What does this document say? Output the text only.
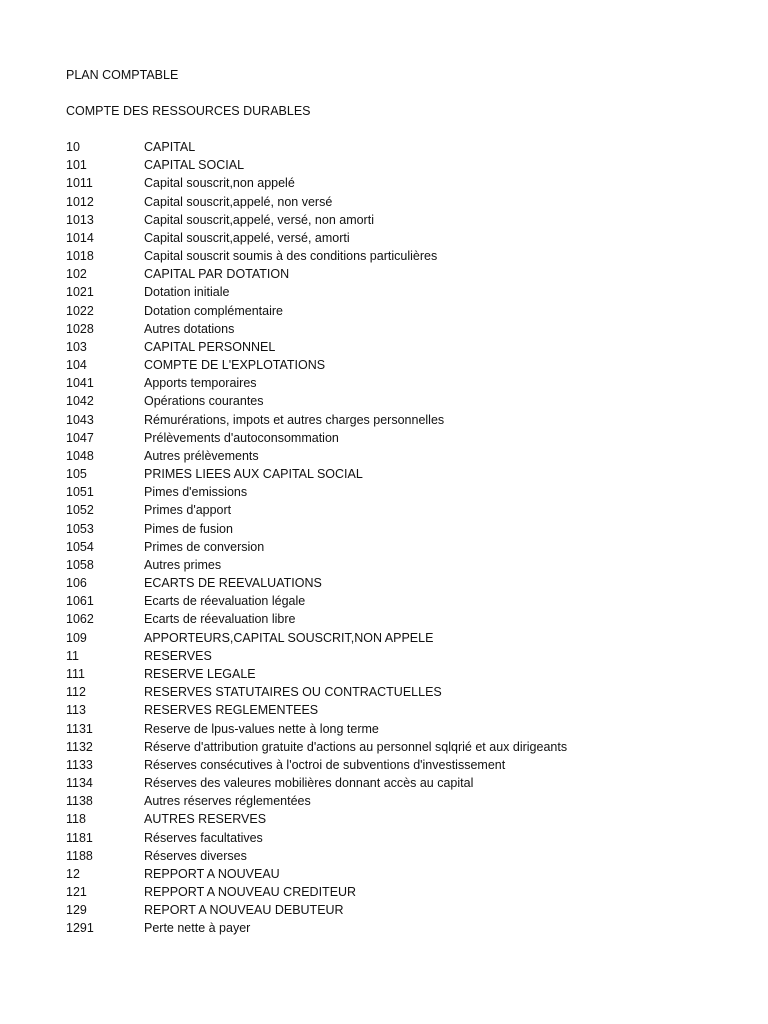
PLAN COMPTABLE
COMPTE DES RESSOURCES DURABLES
10	CAPITAL
101	CAPITAL SOCIAL
1011	Capital souscrit,non appelé
1012	Capital souscrit,appelé, non versé
1013	Capital souscrit,appelé, versé, non amorti
1014	Capital souscrit,appelé, versé, amorti
1018	Capital souscrit soumis à des conditions particulières
102	CAPITAL PAR DOTATION
1021	Dotation initiale
1022	Dotation complémentaire
1028	Autres dotations
103	CAPITAL PERSONNEL
104	COMPTE DE L'EXPLOTATIONS
1041	Apports temporaires
1042	Opérations courantes
1043	Rémurérations, impots et autres charges personnelles
1047	Prélèvements d'autoconsommation
1048	Autres prélèvements
105	PRIMES LIEES AUX CAPITAL SOCIAL
1051	Pimes d'emissions
1052	Primes d'apport
1053	Pimes de fusion
1054	Primes de conversion
1058	Autres primes
106	ECARTS DE REEVALUATIONS
1061	Ecarts de réevaluation légale
1062	Ecarts de réevaluation libre
109	APPORTEURS,CAPITAL SOUSCRIT,NON APPELE
11	RESERVES
111	RESERVE LEGALE
112	RESERVES STATUTAIRES OU CONTRACTUELLES
113	RESERVES REGLEMENTEES
1131	Reserve de lpus-values nette à long terme
1132	Réserve d'attribution gratuite d'actions au personnel sqlqrié et aux dirigeants
1133	Réserves consécutives à l'octroi de subventions d'investissement
1134	Réserves des valeures mobilières donnant accès au capital
1138	Autres réserves réglementées
118	AUTRES RESERVES
1181	Réserves facultatives
1188	Réserves diverses
12	REPPORT A NOUVEAU
121	REPPORT A NOUVEAU CREDITEUR
129	REPORT A NOUVEAU DEBUTEUR
1291	Perte nette à payer
